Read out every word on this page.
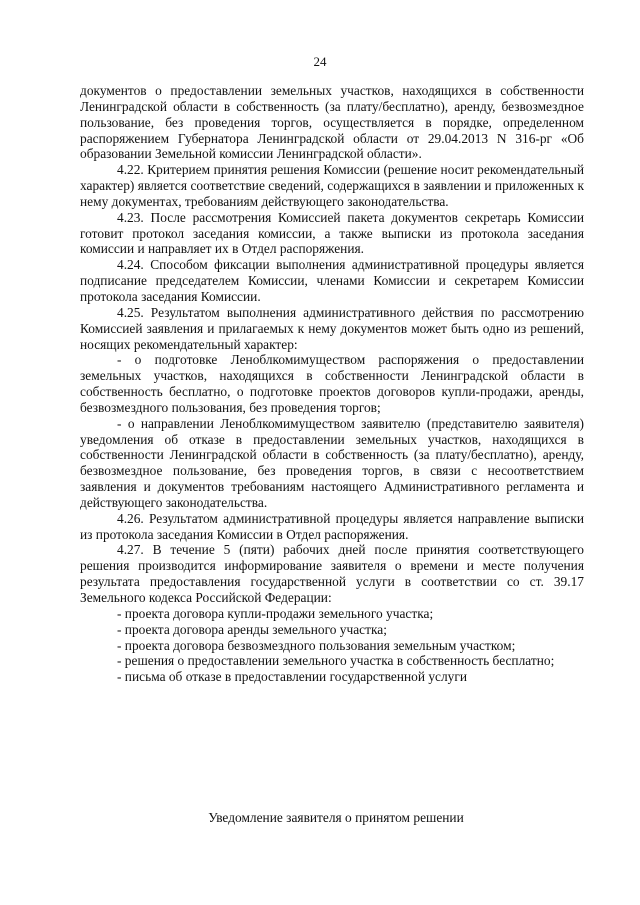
24

документов о предоставлении земельных участков, находящихся в собственности Ленинградской области в собственность (за плату/бесплатно), аренду, безвозмездное пользование, без проведения торгов, осуществляется в порядке, определенном распоряжением Губернатора Ленинградской области от 29.04.2013 N 316-рг «Об образовании Земельной комиссии Ленинградской области».

4.22. Критерием принятия решения Комиссии (решение носит рекомендательный характер) является соответствие сведений, содержащихся в заявлении и приложенных к нему документах, требованиям действующего законодательства.

4.23. После рассмотрения Комиссией пакета документов секретарь Комиссии готовит протокол заседания комиссии, а также выписки из протокола заседания комиссии и направляет их в Отдел распоряжения.

4.24. Способом фиксации выполнения административной процедуры является подписание председателем Комиссии, членами Комиссии и секретарем Комиссии протокола заседания Комиссии.

4.25. Результатом выполнения административного действия по рассмотрению Комиссией заявления и прилагаемых к нему документов может быть одно из решений, носящих рекомендательный характер:

- о подготовке Леноблкомимуществом распоряжения о предоставлении земельных участков, находящихся в собственности Ленинградской области в собственность бесплатно, о подготовке проектов договоров купли-продажи, аренды, безвозмездного пользования, без проведения торгов;

- о направлении Леноблкомимуществом заявителю (представителю заявителя) уведомления об отказе в предоставлении земельных участков, находящихся в собственности Ленинградской области в собственность (за плату/бесплатно), аренду, безвозмездное пользование, без проведения торгов, в связи с несоответствием заявления и документов требованиям настоящего Административного регламента и действующего законодательства.

4.26. Результатом административной процедуры является направление выписки из протокола заседания Комиссии в Отдел распоряжения.

4.27. В течение 5 (пяти) рабочих дней после принятия соответствующего решения производится информирование заявителя о времени и месте получения результата предоставления государственной услуги в соответствии со ст. 39.17 Земельного кодекса Российской Федерации:

- проекта договора купли-продажи земельного участка;

- проекта договора аренды земельного участка;

- проекта договора безвозмездного пользования земельным участком;

- решения о предоставлении земельного участка в собственность бесплатно;

- письма об отказе в предоставлении государственной услуги

Уведомление заявителя о принятом решении
